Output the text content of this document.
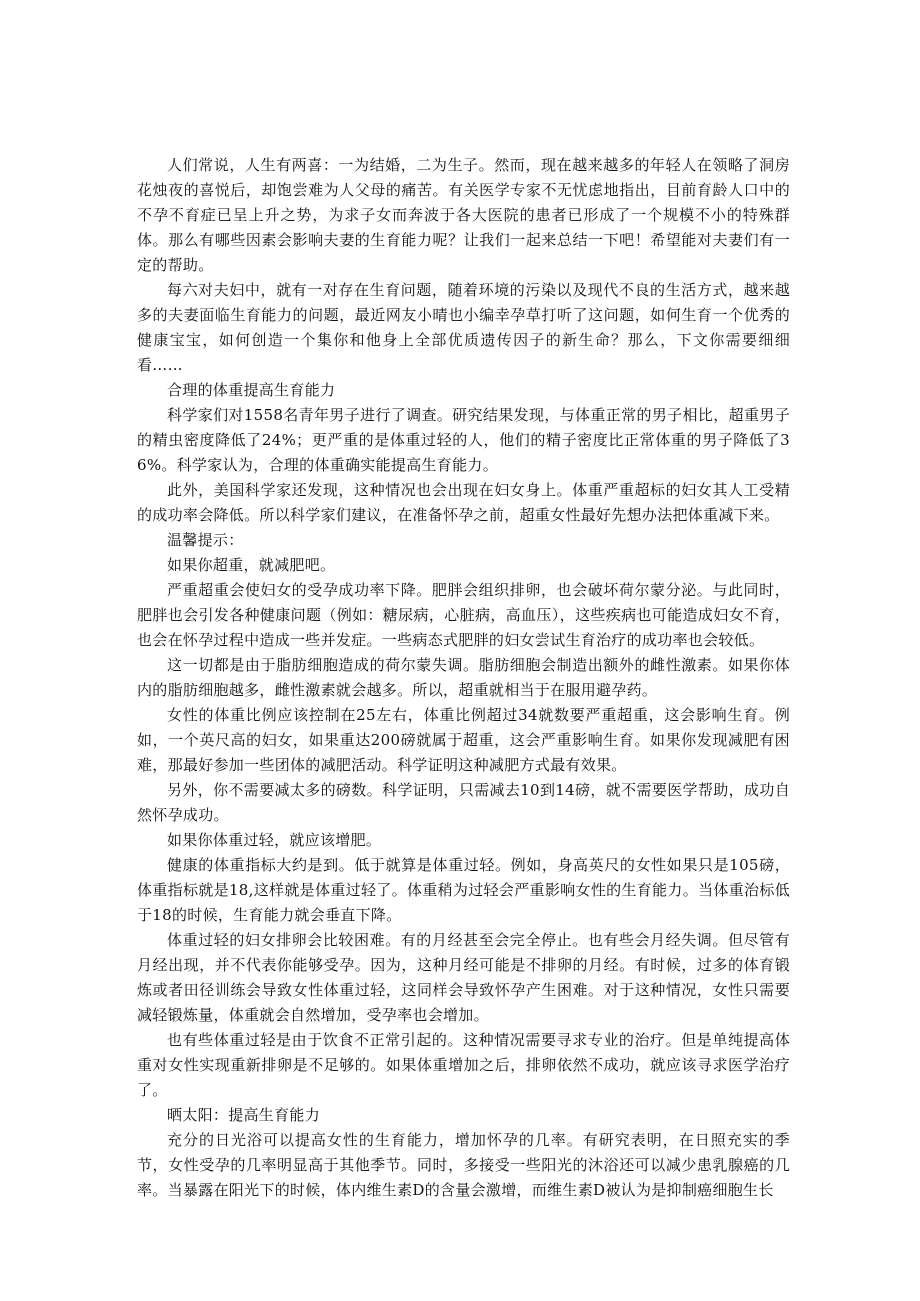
人们常说，人生有两喜：一为结婚，二为生子。然而，现在越来越多的年轻人在领略了洞房花烛夜的喜悦后，却饱尝难为人父母的痛苦。有关医学专家不无忧虑地指出，目前育龄人口中的不孕不育症已呈上升之势，为求子女而奔波于各大医院的患者已形成了一个规模不小的特殊群体。那么有哪些因素会影响夫妻的生育能力呢？让我们一起来总结一下吧！希望能对夫妻们有一定的帮助。

每六对夫妇中，就有一对存在生育问题，随着环境的污染以及现代不良的生活方式，越来越多的夫妻面临生育能力的问题，最近网友小晴也小编幸孕草打听了这问题，如何生育一个优秀的健康宝宝，如何创造一个集你和他身上全部优质遗传因子的新生命？那么，下文你需要细细看……

合理的体重提高生育能力

科学家们对1558名青年男子进行了调查。研究结果发现，与体重正常的男子相比，超重男子的精虫密度降低了24%；更严重的是体重过轻的人，他们的精子密度比正常体重的男子降低了36%。科学家认为，合理的体重确实能提高生育能力。

此外，美国科学家还发现，这种情况也会出现在妇女身上。体重严重超标的妇女其人工受精的成功率会降低。所以科学家们建议，在准备怀孕之前，超重女性最好先想办法把体重减下来。

温馨提示：

如果你超重，就减肥吧。

严重超重会使妇女的受孕成功率下降。肥胖会组织排卵，也会破坏荷尔蒙分泌。与此同时，肥胖也会引发各种健康问题（例如：糖尿病，心脏病，高血压），这些疾病也可能造成妇女不育，也会在怀孕过程中造成一些并发症。一些病态式肥胖的妇女尝试生育治疗的成功率也会较低。

这一切都是由于脂肪细胞造成的荷尔蒙失调。脂肪细胞会制造出额外的雌性激素。如果你体内的脂肪细胞越多，雌性激素就会越多。所以，超重就相当于在服用避孕药。

女性的体重比例应该控制在25左右，体重比例超过34就数要严重超重，这会影响生育。例如，一个英尺高的妇女，如果重达200磅就属于超重，这会严重影响生育。如果你发现减肥有困难，那最好参加一些团体的减肥活动。科学证明这种减肥方式最有效果。

另外，你不需要减太多的磅数。科学证明，只需减去10到14磅，就不需要医学帮助，成功自然怀孕成功。

如果你体重过轻，就应该增肥。

健康的体重指标大约是到。低于就算是体重过轻。例如，身高英尺的女性如果只是105磅，体重指标就是18,这样就是体重过轻了。体重稍为过轻会严重影响女性的生育能力。当体重治标低于18的时候，生育能力就会垂直下降。

体重过轻的妇女排卵会比较困难。有的月经甚至会完全停止。也有些会月经失调。但尽管有月经出现，并不代表你能够受孕。因为，这种月经可能是不排卵的月经。有时候，过多的体育锻炼或者田径训练会导致女性体重过轻，这同样会导致怀孕产生困难。对于这种情况，女性只需要减轻锻炼量，体重就会自然增加，受孕率也会增加。

也有些体重过轻是由于饮食不正常引起的。这种情况需要寻求专业的治疗。但是单纯提高体重对女性实现重新排卵是不足够的。如果体重增加之后，排卵依然不成功，就应该寻求医学治疗了。

晒太阳：提高生育能力

充分的日光浴可以提高女性的生育能力，增加怀孕的几率。有研究表明，在日照充实的季节，女性受孕的几率明显高于其他季节。同时，多接受一些阳光的沐浴还可以减少患乳腺癌的几率。当暴露在阳光下的时候，体内维生素D的含量会激增，而维生素D被认为是抑制癌细胞生长
